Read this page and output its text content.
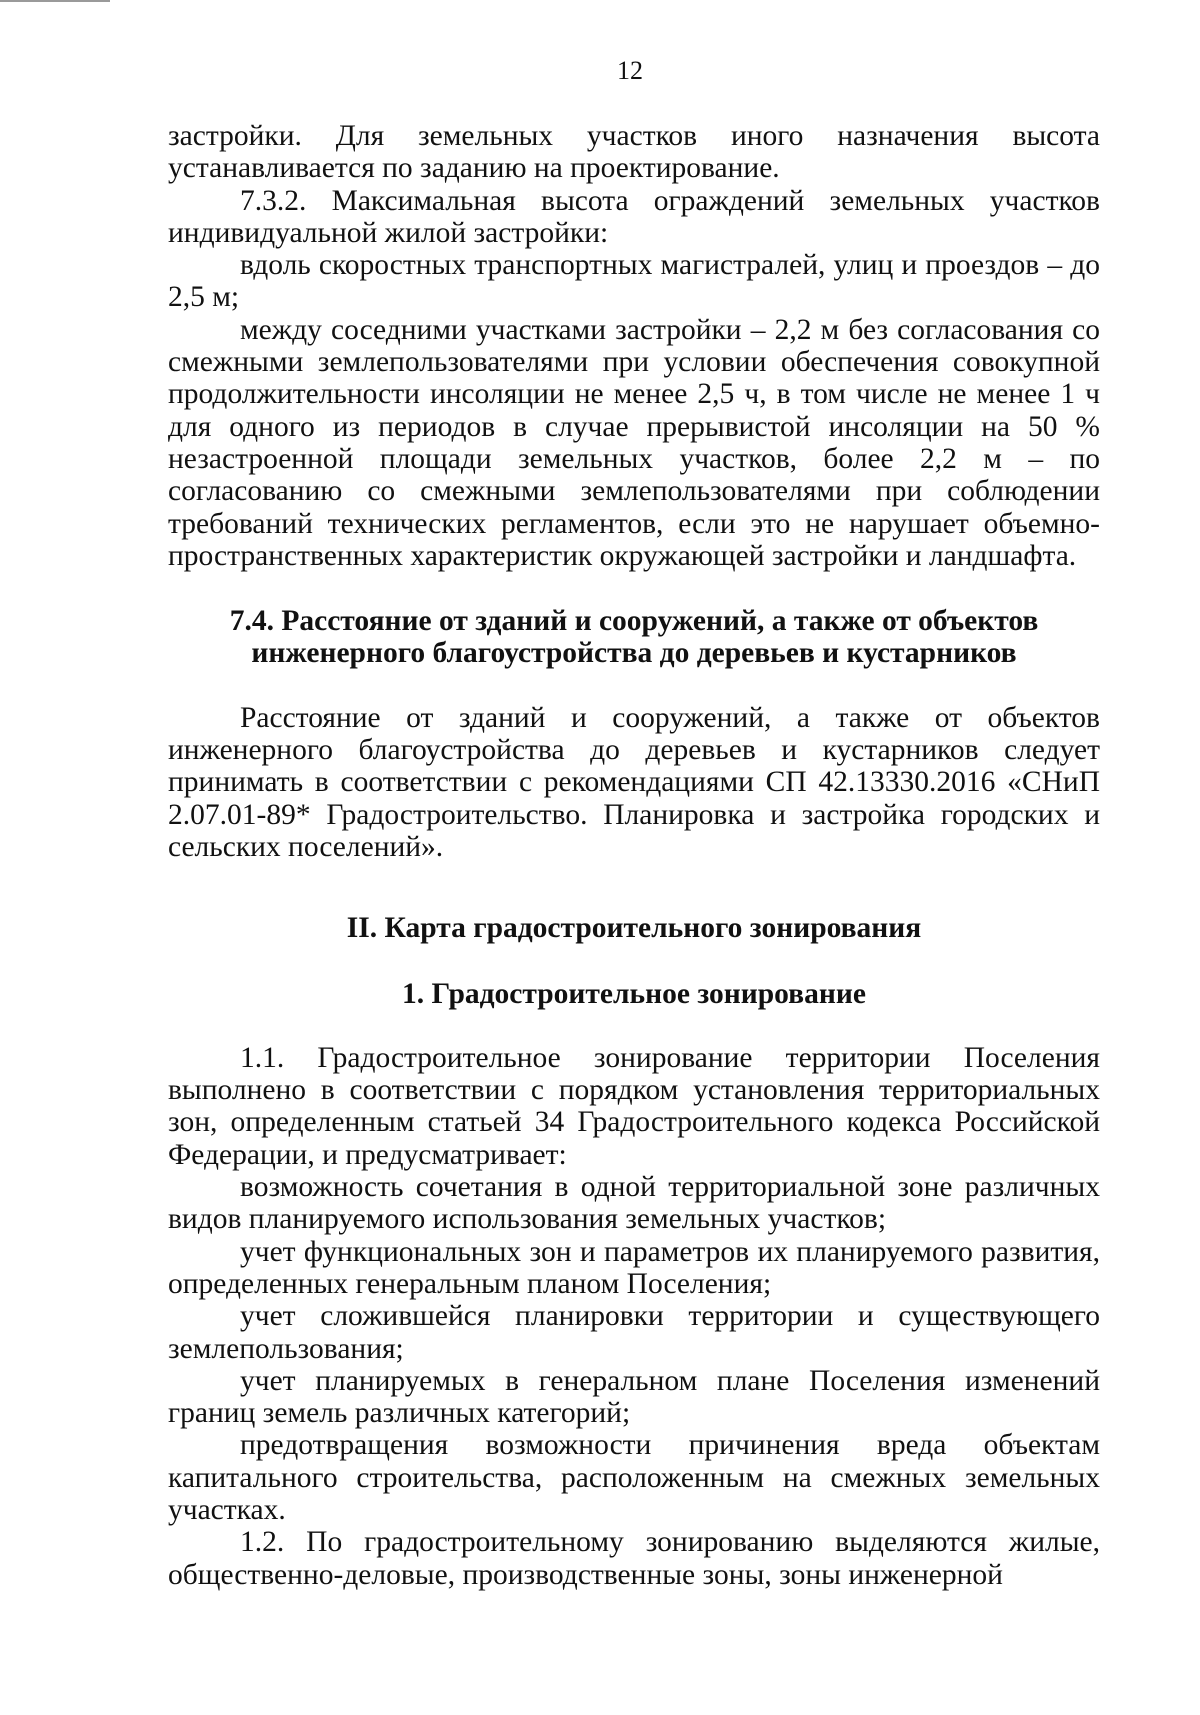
12

застройки. Для земельных участков иного назначения высота устанавливается по заданию на проектирование.

7.3.2. Максимальная высота ограждений земельных участков индивидуальной жилой застройки:

вдоль скоростных транспортных магистралей, улиц и проездов – до 2,5 м;

между соседними участками застройки – 2,2 м без согласования со смежными землепользователями при условии обеспечения совокупной продолжительности инсоляции не менее 2,5 ч, в том числе не менее 1 ч для одного из периодов в случае прерывистой инсоляции на 50 % незастроенной площади земельных участков, более 2,2 м – по согласованию со смежными землепользователями при соблюдении требований технических регламентов, если это не нарушает объемно-пространственных характеристик окружающей застройки и ландшафта.

7.4. Расстояние от зданий и сооружений, а также от объектов
инженерного благоустройства до деревьев и кустарников

Расстояние от зданий и сооружений, а также от объектов инженерного благоустройства до деревьев и кустарников следует принимать в соответствии с рекомендациями СП 42.13330.2016 «СНиП 2.07.01-89* Градостроительство. Планировка и застройка городских и сельских поселений».

II. Карта градостроительного зонирования
1. Градостроительное зонирование

1.1. Градостроительное зонирование территории Поселения выполнено в соответствии с порядком установления территориальных зон, определенным статьей 34 Градостроительного кодекса Российской Федерации, и предусматривает:

возможность сочетания в одной территориальной зоне различных видов планируемого использования земельных участков;

учет функциональных зон и параметров их планируемого развития, определенных генеральным планом Поселения;

учет сложившейся планировки территории и существующего землепользования;

учет планируемых в генеральном плане Поселения изменений границ земель различных категорий;

предотвращения возможности причинения вреда объектам капитального строительства, расположенным на смежных земельных участках.

1.2. По градостроительному зонированию выделяются жилые, общественно-деловые, производственные зоны, зоны инженерной
